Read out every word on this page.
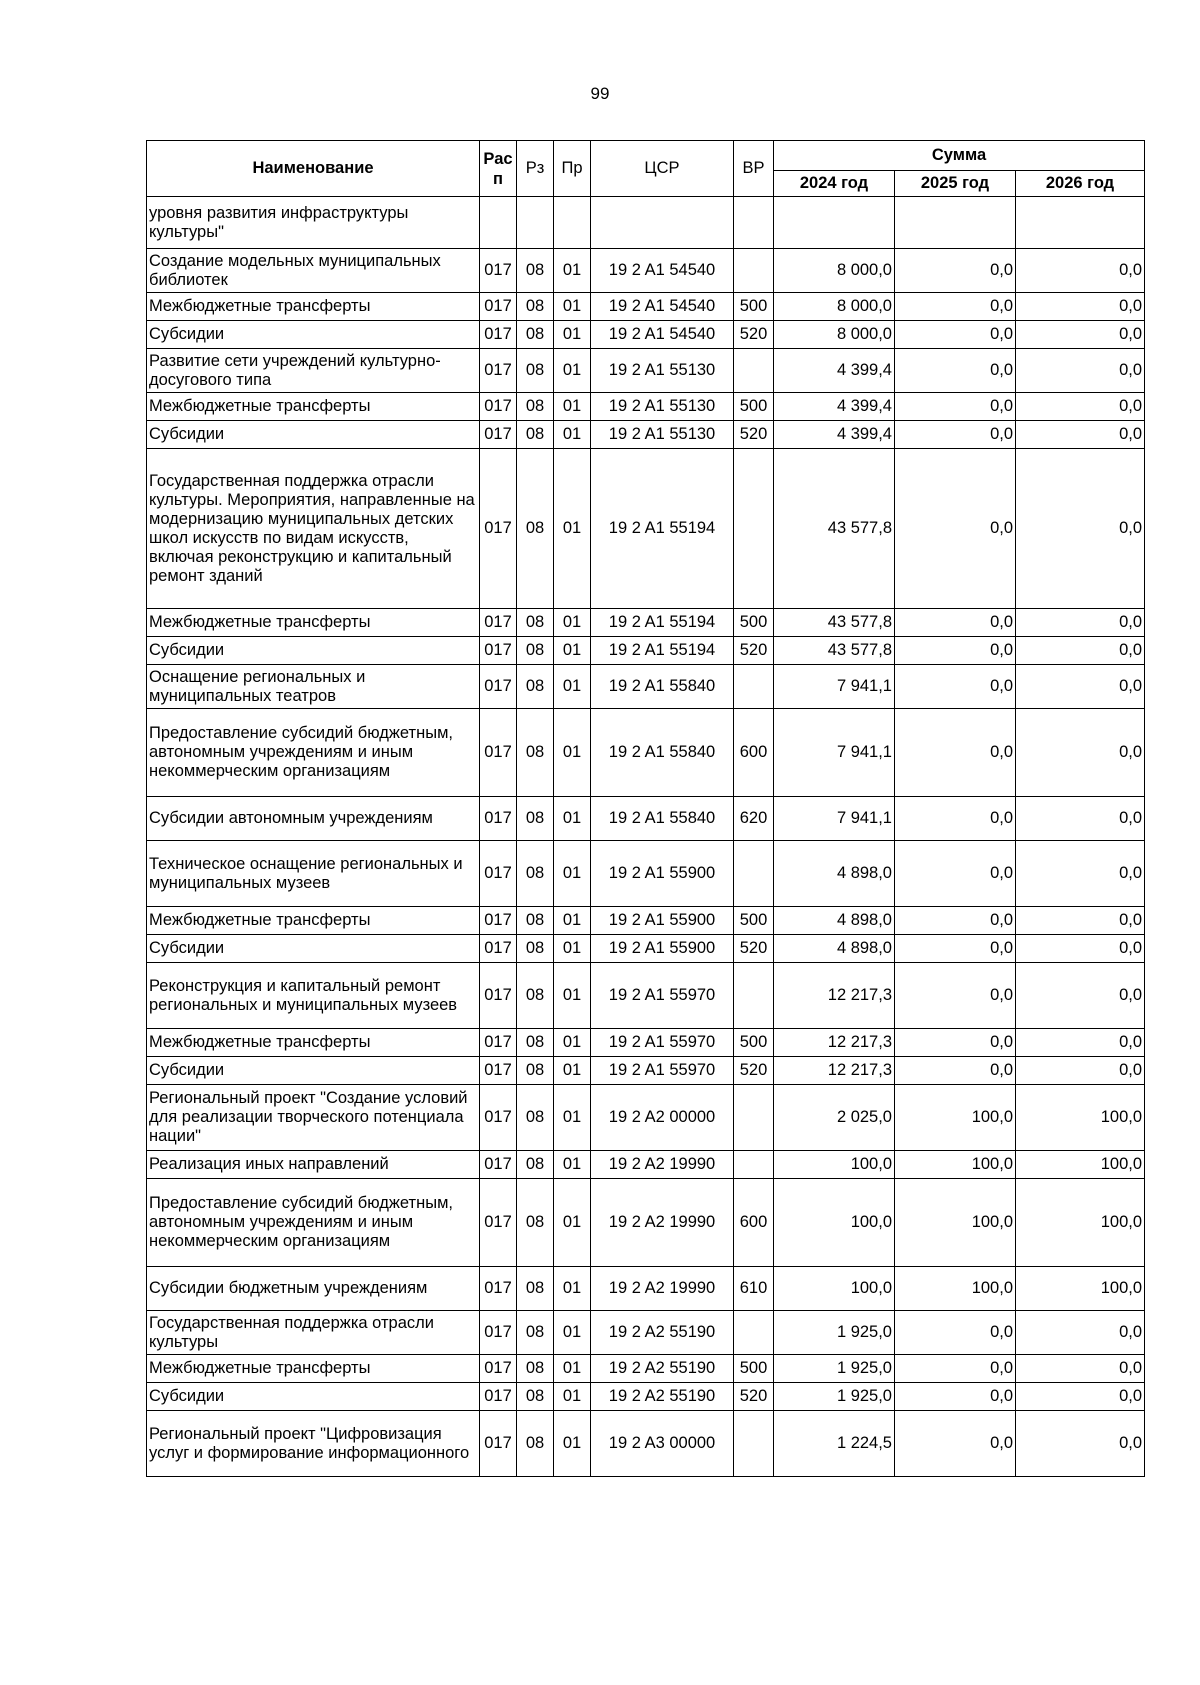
99
Наименование	Рас п	Рз	Пр	ЦСР	ВР	Сумма		
						2024 год	2025 год	2026 год
уровня развития инфраструктуры культуры"								
Создание модельных муниципальных библиотек	017	08	01	19 2 A1 54540		8 000,0	0,0	0,0
Межбюджетные трансферты	017	08	01	19 2 A1 54540	500	8 000,0	0,0	0,0
Субсидии	017	08	01	19 2 A1 54540	520	8 000,0	0,0	0,0
Развитие сети учреждений культурно-досугового типа	017	08	01	19 2 A1 55130		4 399,4	0,0	0,0
Межбюджетные трансферты	017	08	01	19 2 A1 55130	500	4 399,4	0,0	0,0
Субсидии	017	08	01	19 2 A1 55130	520	4 399,4	0,0	0,0
Государственная поддержка отрасли культуры. Мероприятия, направленные на модернизацию муниципальных детских школ искусств по видам искусств, включая реконструкцию и капитальный ремонт зданий	017	08	01	19 2 A1 55194		43 577,8	0,0	0,0
Межбюджетные трансферты	017	08	01	19 2 A1 55194	500	43 577,8	0,0	0,0
Субсидии	017	08	01	19 2 A1 55194	520	43 577,8	0,0	0,0
Оснащение региональных и муниципальных театров	017	08	01	19 2 A1 55840		7 941,1	0,0	0,0
Предоставление субсидий бюджетным, автономным учреждениям и иным некоммерческим организациям	017	08	01	19 2 A1 55840	600	7 941,1	0,0	0,0
Субсидии автономным учреждениям	017	08	01	19 2 A1 55840	620	7 941,1	0,0	0,0
Техническое оснащение региональных и муниципальных музеев	017	08	01	19 2 A1 55900		4 898,0	0,0	0,0
Межбюджетные трансферты	017	08	01	19 2 A1 55900	500	4 898,0	0,0	0,0
Субсидии	017	08	01	19 2 A1 55900	520	4 898,0	0,0	0,0
Реконструкция и капитальный ремонт региональных и муниципальных музеев	017	08	01	19 2 A1 55970		12 217,3	0,0	0,0
Межбюджетные трансферты	017	08	01	19 2 A1 55970	500	12 217,3	0,0	0,0
Субсидии	017	08	01	19 2 A1 55970	520	12 217,3	0,0	0,0
Региональный проект "Создание условий для реализации творческого потенциала нации"	017	08	01	19 2 A2 00000		2 025,0	100,0	100,0
Реализация иных направлений	017	08	01	19 2 A2 19990		100,0	100,0	100,0
Предоставление субсидий бюджетным, автономным учреждениям и иным некоммерческим организациям	017	08	01	19 2 A2 19990	600	100,0	100,0	100,0
Субсидии бюджетным учреждениям	017	08	01	19 2 A2 19990	610	100,0	100,0	100,0
Государственная поддержка отрасли культуры	017	08	01	19 2 A2 55190		1 925,0	0,0	0,0
Межбюджетные трансферты	017	08	01	19 2 A2 55190	500	1 925,0	0,0	0,0
Субсидии	017	08	01	19 2 A2 55190	520	1 925,0	0,0	0,0
Региональный проект "Цифровизация услуг и формирование информационного	017	08	01	19 2 A3 00000		1 224,5	0,0	0,0
